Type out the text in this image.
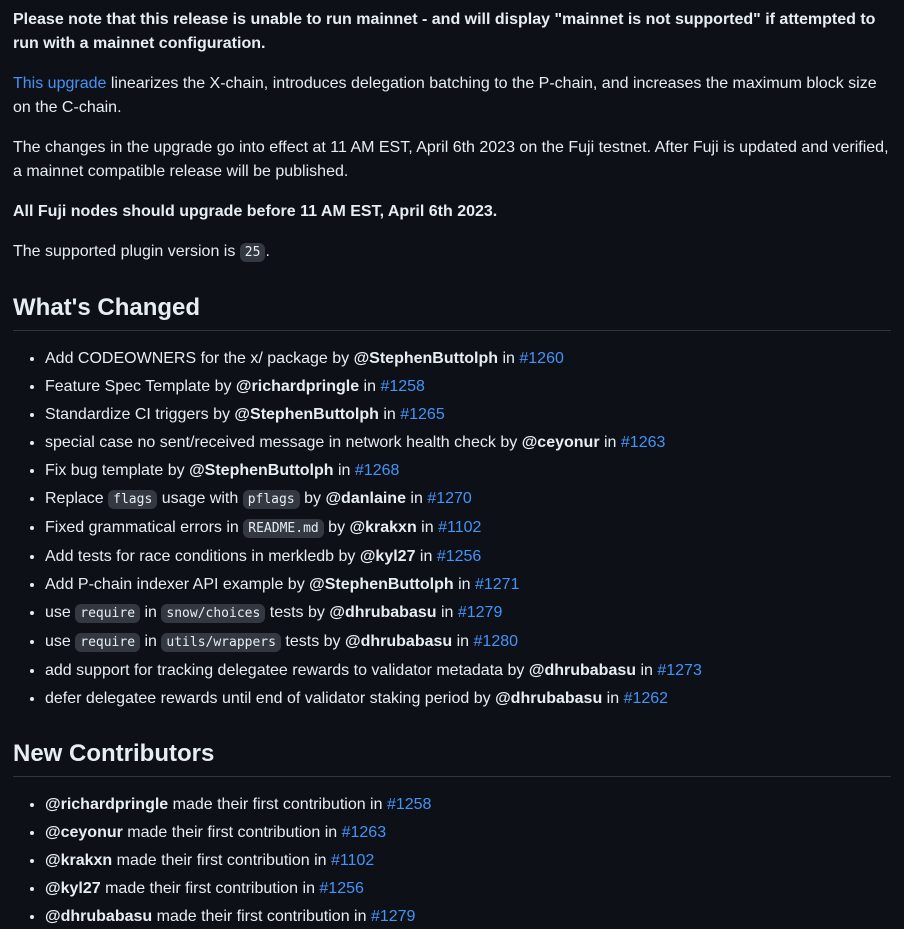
Please note that this release is unable to run mainnet - and will display "mainnet is not supported" if attempted to run with a mainnet configuration.

This upgrade linearizes the X-chain, introduces delegation batching to the P-chain, and increases the maximum block size on the C-chain.

The changes in the upgrade go into effect at 11 AM EST, April 6th 2023 on the Fuji testnet. After Fuji is updated and verified, a mainnet compatible release will be published.

All Fuji nodes should upgrade before 11 AM EST, April 6th 2023.

The supported plugin version is 25 .

What's Changed
• Add CODEOWNERS for the x/ package by @StephenButtolph in #1260
• Feature Spec Template by @richardpringle in #1258
• Standardize CI triggers by @StephenButtolph in #1265
• special case no sent/received message in network health check by @ceyonur in #1263
• Fix bug template by @StephenButtolph in #1268
• Replace flags usage with pflags by @danlaine in #1270
• Fixed grammatical errors in README.md by @krakxn in #1102
• Add tests for race conditions in merkledb by @kyl27 in #1256
• Add P-chain indexer API example by @StephenButtolph in #1271
• use require in snow/choices tests by @dhrubabasu in #1279
• use require in utils/wrappers tests by @dhrubabasu in #1280
• add support for tracking delegatee rewards to validator metadata by @dhrubabasu in #1273
• defer delegatee rewards until end of validator staking period by @dhrubabasu in #1262
New Contributors
• @richardpringle made their first contribution in #1258
• @ceyonur made their first contribution in #1263
• @krakxn made their first contribution in #1102
• @kyl27 made their first contribution in #1256
• @dhrubabasu made their first contribution in #1279
